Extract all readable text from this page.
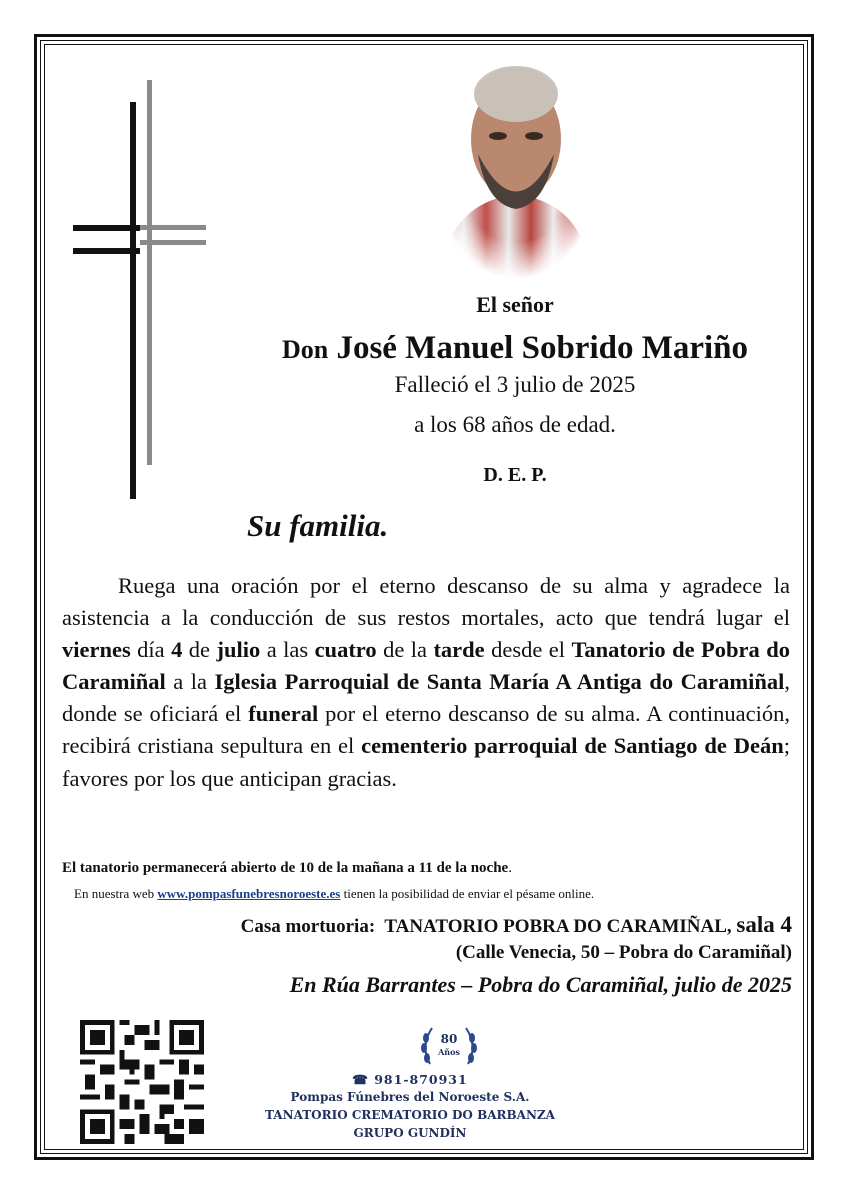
El señor
Don José Manuel Sobrido Mariño
Falleció el 3 julio de 2025
a los 68 años de edad.
D. E. P.
Su familia.
Ruega una oración por el eterno descanso de su alma y agradece la asistencia a la conducción de sus restos mortales, acto que tendrá lugar el viernes día 4 de julio a las cuatro de la tarde desde el Tanatorio de Pobra do Caramiñal a la Iglesia Parroquial de Santa María A Antiga do Caramiñal, donde se oficiará el funeral por el eterno descanso de su alma. A continuación, recibirá cristiana sepultura en el cementerio parroquial de Santiago de Deán; favores por los que anticipan gracias.
El tanatorio permanecerá abierto de 10 de la mañana a 11 de la noche.
En nuestra web www.pompasfunebresnoroeste.es tienen la posibilidad de enviar el pésame online.
Casa mortuoria: TANATORIO POBRA DO CARAMIÑAL, sala 4
(Calle Venecia, 50 – Pobra do Caramiñal)
En Rúa Barrantes – Pobra do Caramiñal, julio de 2025
80
Años
☎ 981-870931
Pompas Fúnebres del Noroeste S.A.
TANATORIO CREMATORIO DO BARBANZA
GRUPO GUNDÍN
